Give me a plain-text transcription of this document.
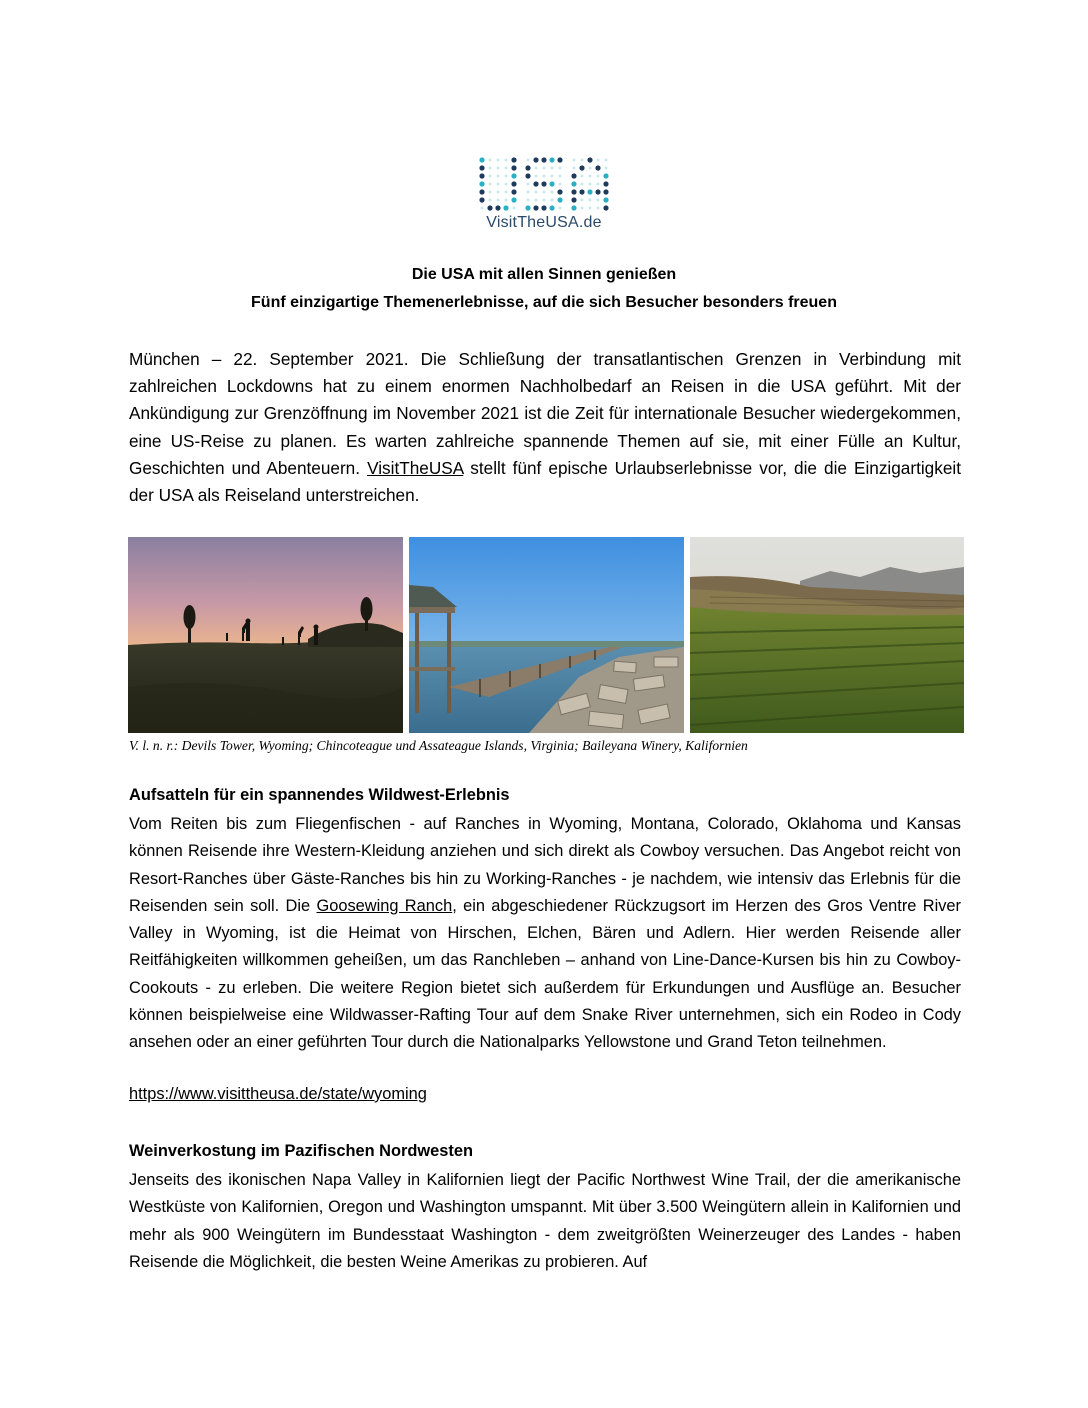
VisitTheUSA.de
Die USA mit allen Sinnen genießen
Fünf einzigartige Themenerlebnisse, auf die sich Besucher besonders freuen
München – 22. September 2021. Die Schließung der transatlantischen Grenzen in Verbindung mit zahlreichen Lockdowns hat zu einem enormen Nachholbedarf an Reisen in die USA geführt. Mit der Ankündigung zur Grenzöffnung im November 2021 ist die Zeit für internationale Besucher wiedergekommen, eine US-Reise zu planen. Es warten zahlreiche spannende Themen auf sie, mit einer Fülle an Kultur, Geschichten und Abenteuern. VisitTheUSA stellt fünf epische Urlaubserlebnisse vor, die die Einzigartigkeit der USA als Reiseland unterstreichen.
V. l. n. r.: Devils Tower, Wyoming; Chincoteague und Assateague Islands, Virginia; Baileyana Winery, Kalifornien
Aufsatteln für ein spannendes Wildwest-Erlebnis
Vom Reiten bis zum Fliegenfischen - auf Ranches in Wyoming, Montana, Colorado, Oklahoma und Kansas können Reisende ihre Western-Kleidung anziehen und sich direkt als Cowboy versuchen. Das Angebot reicht von Resort-Ranches über Gäste-Ranches bis hin zu Working-Ranches - je nachdem, wie intensiv das Erlebnis für die Reisenden sein soll. Die Goosewing Ranch, ein abgeschiedener Rückzugsort im Herzen des Gros Ventre River Valley in Wyoming, ist die Heimat von Hirschen, Elchen, Bären und Adlern. Hier werden Reisende aller Reitfähigkeiten willkommen geheißen, um das Ranchleben – anhand von Line-Dance-Kursen bis hin zu Cowboy-Cookouts - zu erleben. Die weitere Region bietet sich außerdem für Erkundungen und Ausflüge an. Besucher können beispielweise eine Wildwasser-Rafting Tour auf dem Snake River unternehmen, sich ein Rodeo in Cody ansehen oder an einer geführten Tour durch die Nationalparks Yellowstone und Grand Teton teilnehmen.
https://www.visittheusa.de/state/wyoming
Weinverkostung im Pazifischen Nordwesten
Jenseits des ikonischen Napa Valley in Kalifornien liegt der Pacific Northwest Wine Trail, der die amerikanische Westküste von Kalifornien, Oregon und Washington umspannt. Mit über 3.500 Weingütern allein in Kalifornien und mehr als 900 Weingütern im Bundesstaat Washington - dem zweitgrößten Weinerzeuger des Landes - haben Reisende die Möglichkeit, die besten Weine Amerikas zu probieren. Auf
